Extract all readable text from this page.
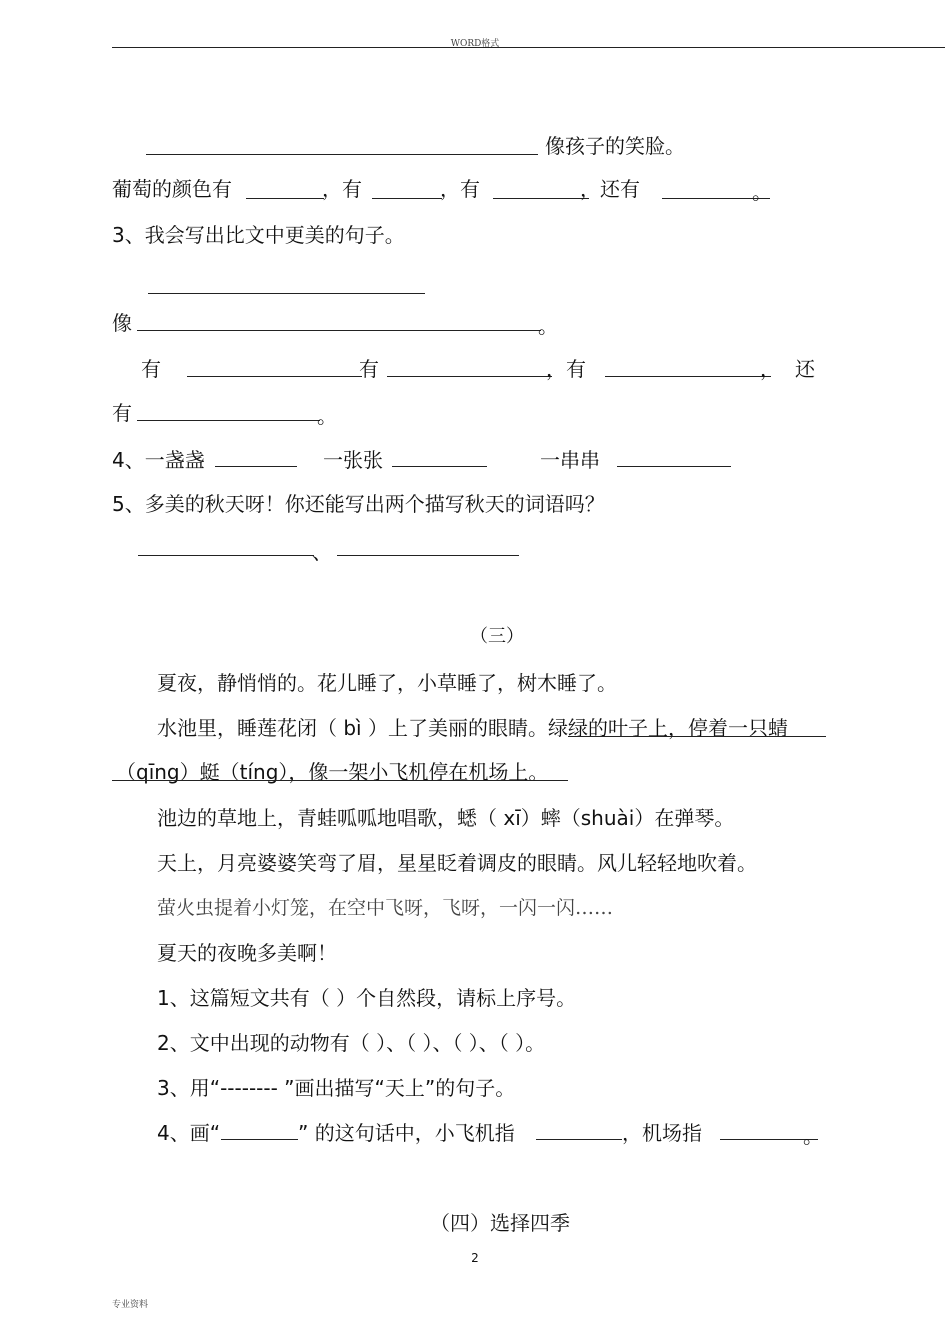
WORD格式
像孩子的笑脸。
葡萄的颜色有	，有	，有	，还有	。
3、我会写出比文中更美的句子。
像	。
有	有	，有	， 还
有	。
4、一盏盏	一张张	一串串
5、多美的秋天呀！你还能写出两个描写秋天的词语吗？
、
（三）
夏夜，静悄悄的。花儿睡了，小草睡了，树木睡了。
水池里，睡莲花闭（ bì ）上了美丽的眼睛。绿绿的叶子上，停着一只蜻
（qīng）蜓（tíng），像一架小飞机停在机场上。
池边的草地上，青蛙呱呱地唱歌，蟋（ xī）蟀（shuài）在弹琴。
天上，月亮婆婆笑弯了眉，星星眨着调皮的眼睛。风儿轻轻地吹着。
萤火虫提着小灯笼，在空中飞呀，飞呀，一闪一闪……
夏天的夜晚多美啊！
1、这篇短文共有（ ）个自然段，请标上序号。
2、文中出现的动物有（ ）、（ ）、（ ）、（ ）。
3、用“-------- ”画出描写“天上”的句子。
4、画“	” 的这句话中，小飞机指	，机场指	。
（四）选择四季
2
专业资料
